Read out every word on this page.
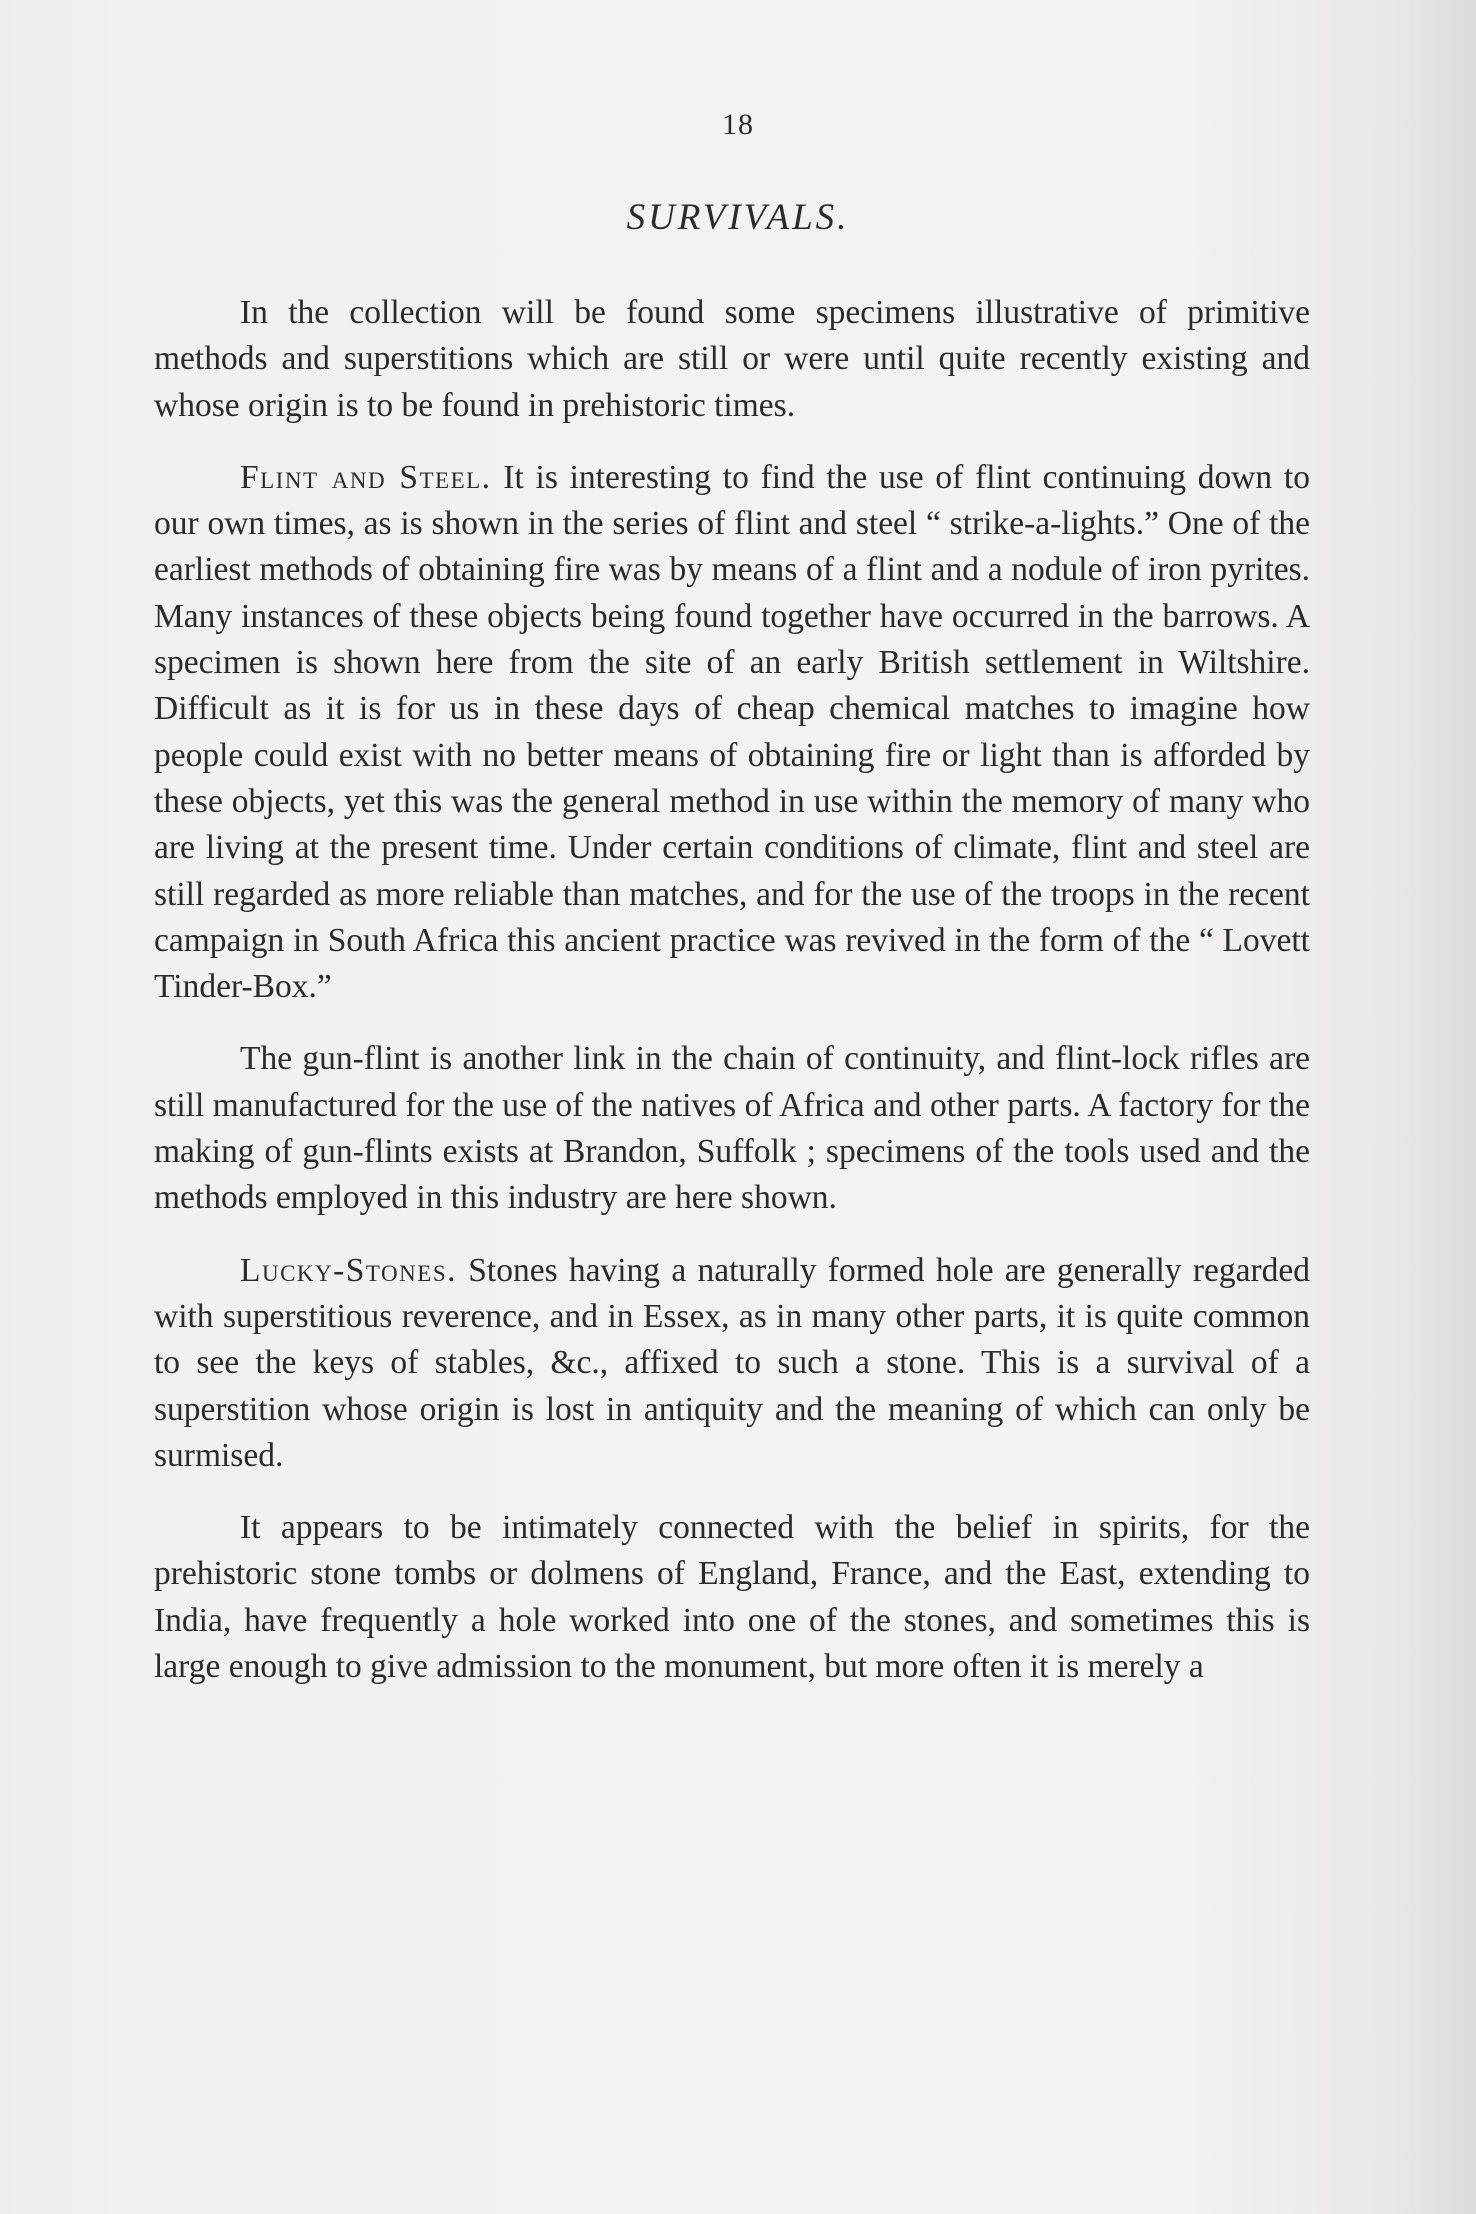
18
SURVIVALS.

In the collection will be found some specimens illustrative of primitive methods and superstitions which are still or were until quite recently existing and whose origin is to be found in prehistoric times.

Flint and Steel. It is interesting to find the use of flint continuing down to our own times, as is shown in the series of flint and steel “ strike-a-lights.” One of the earliest methods of obtaining fire was by means of a flint and a nodule of iron pyrites. Many instances of these objects being found together have occurred in the barrows. A specimen is shown here from the site of an early British settlement in Wiltshire. Difficult as it is for us in these days of cheap chemical matches to imagine how people could exist with no better means of obtaining fire or light than is afforded by these objects, yet this was the general method in use within the memory of many who are living at the present time. Under certain conditions of climate, flint and steel are still regarded as more reliable than matches, and for the use of the troops in the recent campaign in South Africa this ancient practice was revived in the form of the “ Lovett Tinder-Box.”

The gun-flint is another link in the chain of continuity, and flint-lock rifles are still manufactured for the use of the natives of Africa and other parts. A factory for the making of gun-flints exists at Brandon, Suffolk ; specimens of the tools used and the methods employed in this industry are here shown.

Lucky-Stones. Stones having a naturally formed hole are generally regarded with superstitious reverence, and in Essex, as in many other parts, it is quite common to see the keys of stables, &c., affixed to such a stone. This is a survival of a superstition whose origin is lost in antiquity and the meaning of which can only be surmised.

It appears to be intimately connected with the belief in spirits, for the prehistoric stone tombs or dolmens of England, France, and the East, extending to India, have frequently a hole worked into one of the stones, and sometimes this is large enough to give admission to the monument, but more often it is merely a
